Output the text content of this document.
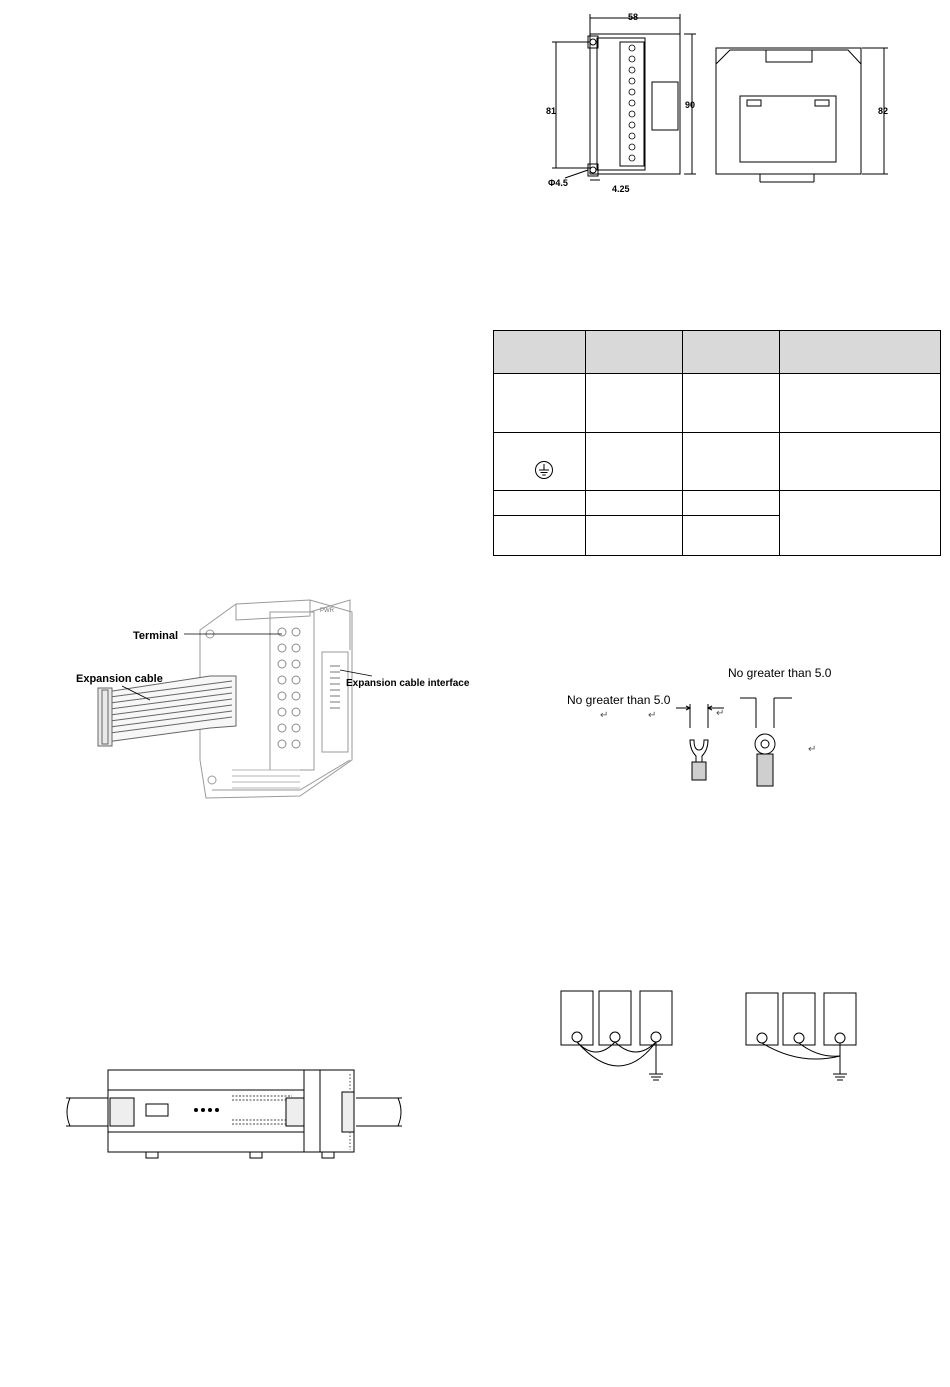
58
81
90
82
Φ4.5
4.25

Terminal
Expansion cable	Expansion cable interface
PWR
No greater than 5.0
No greater than 5.0
↵	↵	↵
↵
